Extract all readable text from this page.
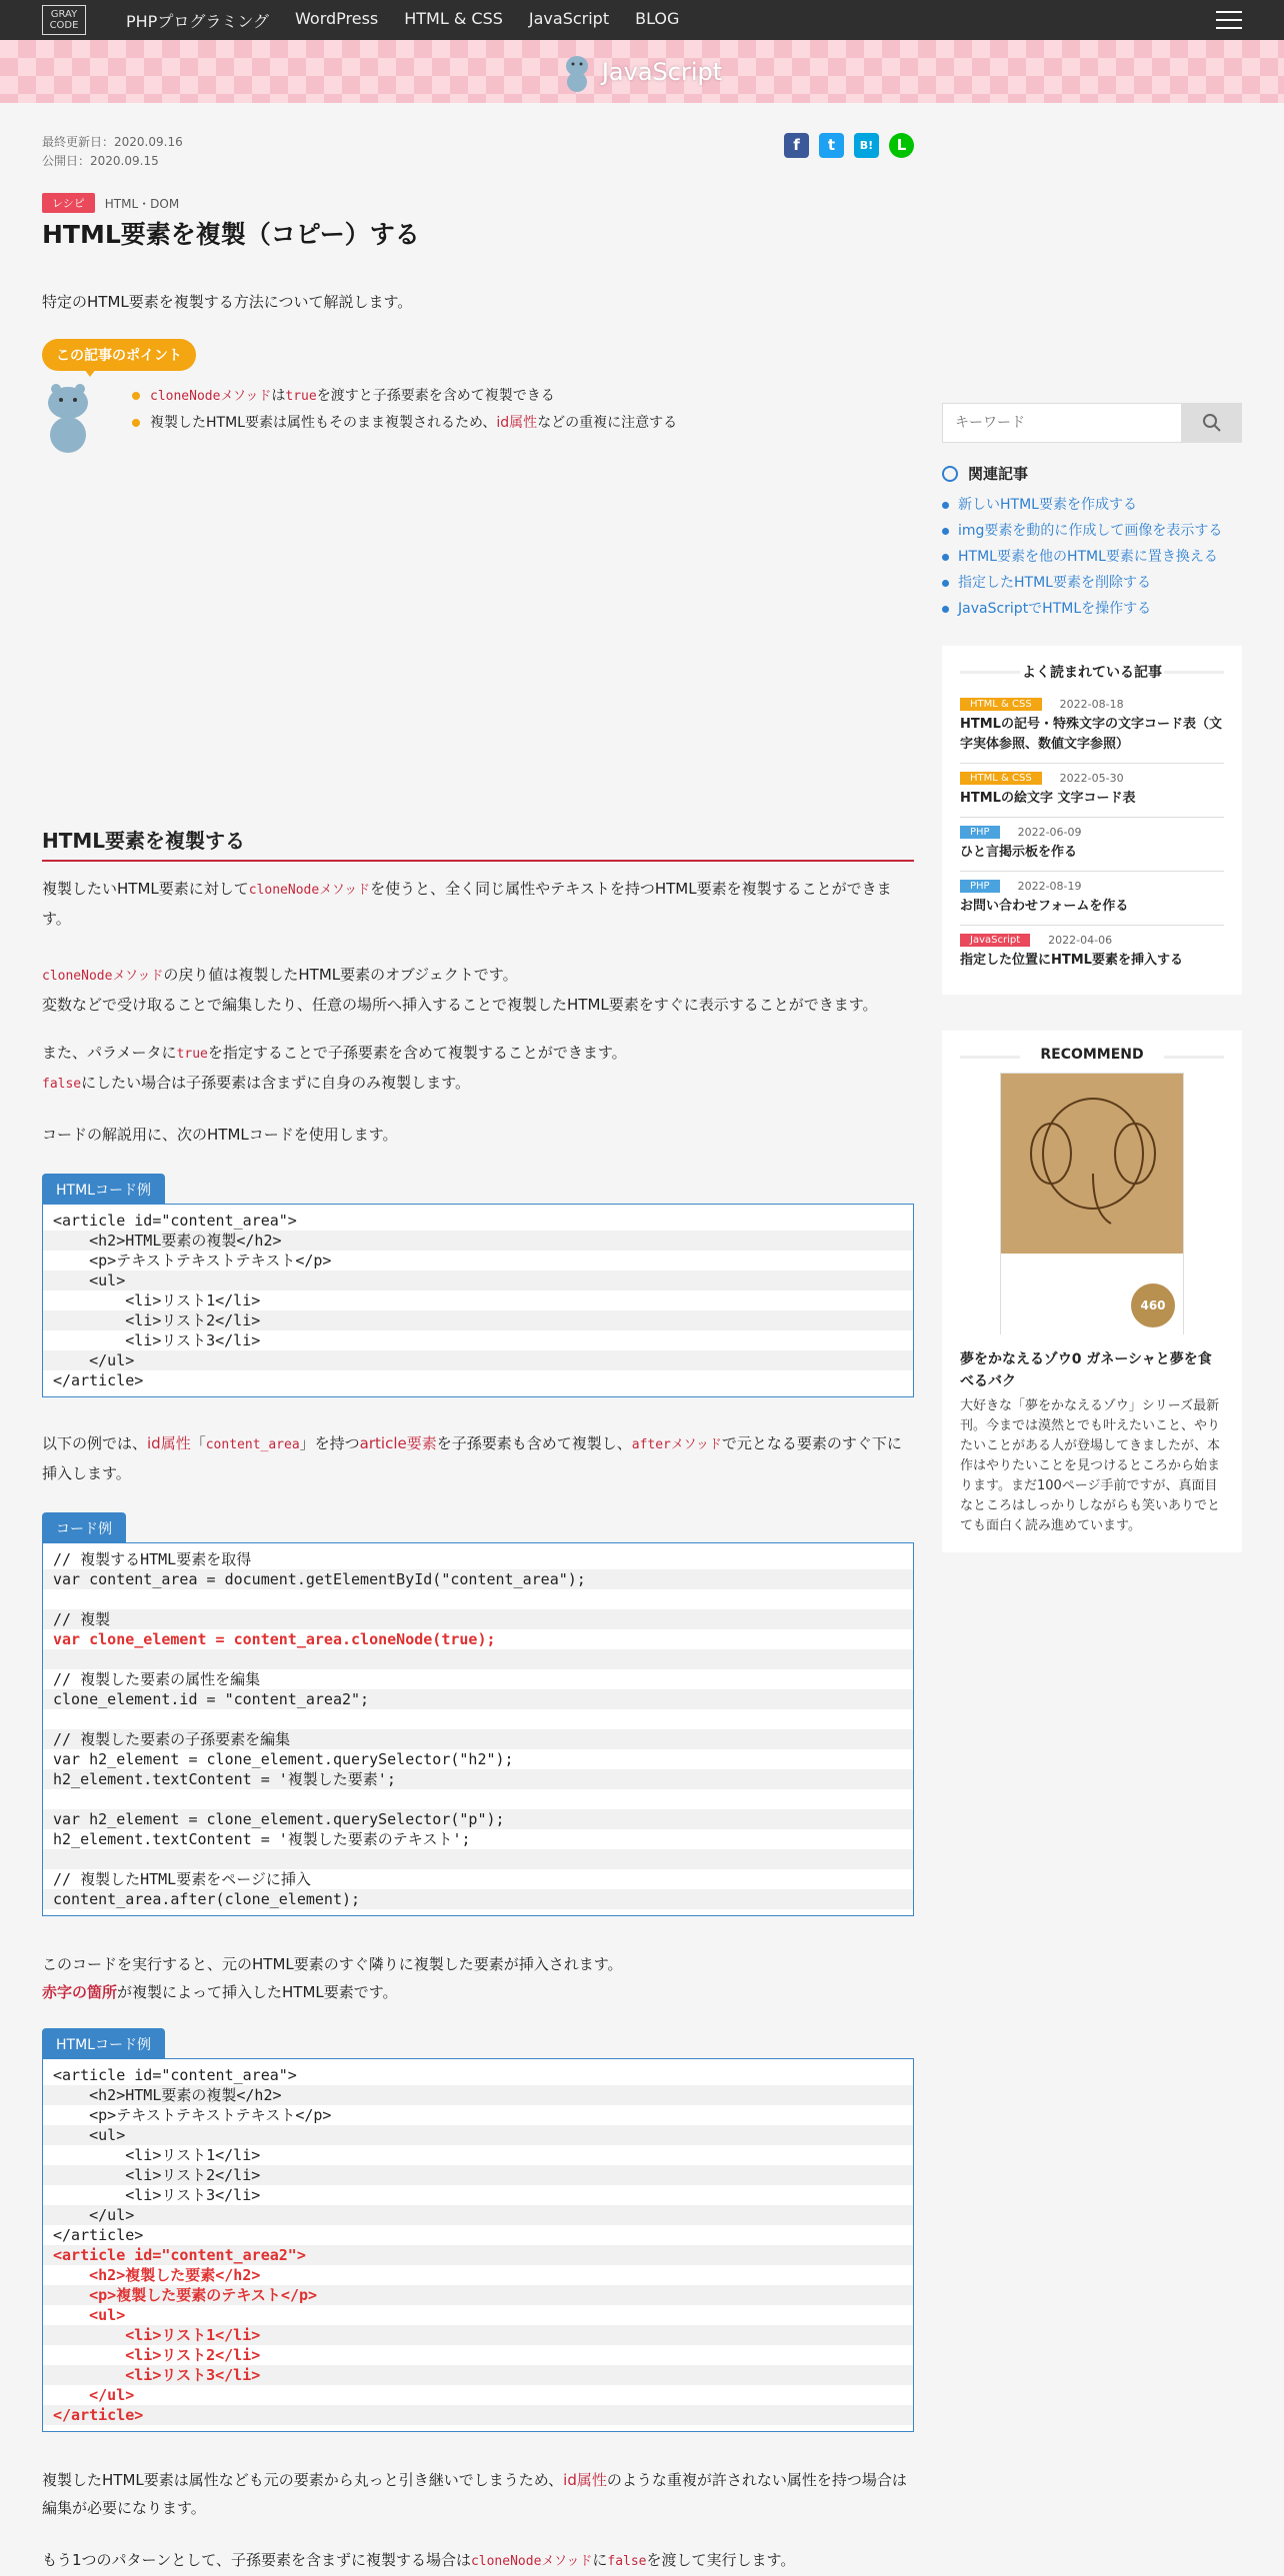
GRAY
CODE	PHPプログラミング WordPress HTML & CSS JavaScript BLOG
JavaScript
最終更新日：2020.09.16
公開日：2020.09.15
f	t	B!	L
レシピ	HTML・DOM
HTML要素を複製（コピー）する

特定のHTML要素を複製する方法について解説します。

この記事のポイント
cloneNodeメソッドはtrueを渡すと子孫要素を含めて複製できる
複製したHTML要素は属性もそのまま複製されるため、id属性などの重複に注意する
HTML要素を複製する

複製したいHTML要素に対してcloneNodeメソッドを使うと、全く同じ属性やテキストを持つHTML要素を複製することができます。

cloneNodeメソッドの戻り値は複製したHTML要素のオブジェクトです。
変数などで受け取ることで編集したり、任意の場所へ挿入することで複製したHTML要素をすぐに表示することができます。

また、パラメータにtrueを指定することで子孫要素を含めて複製することができます。
falseにしたい場合は子孫要素は含まずに自身のみ複製します。

コードの解説用に、次のHTMLコードを使用します。

HTMLコード例
<article id="content_area">
<h2>HTML要素の複製</h2>
<p>テキストテキストテキスト</p>
<ul>
<li>リスト1</li>
<li>リスト2</li>
<li>リスト3</li>
</ul>
</article>

以下の例では、id属性「content_area」を持つarticle要素を子孫要素も含めて複製し、afterメソッドで元となる要素のすぐ下に挿入します。

コード例
// 複製するHTML要素を取得
var content_area = document.getElementById("content_area");
// 複製
var clone_element = content_area.cloneNode(true);
// 複製した要素の属性を編集
clone_element.id = "content_area2";
// 複製した要素の子孫要素を編集
var h2_element = clone_element.querySelector("h2");
h2_element.textContent = '複製した要素';
var h2_element = clone_element.querySelector("p");
h2_element.textContent = '複製した要素のテキスト';
// 複製したHTML要素をページに挿入
content_area.after(clone_element);

このコードを実行すると、元のHTML要素のすぐ隣りに複製した要素が挿入されます。
赤字の箇所が複製によって挿入したHTML要素です。

HTMLコード例
<article id="content_area">
<h2>HTML要素の複製</h2>
<p>テキストテキストテキスト</p>
<ul>
<li>リスト1</li>
<li>リスト2</li>
<li>リスト3</li>
</ul>
</article>
<article id="content_area2">
<h2>複製した要素</h2>
<p>複製した要素のテキスト</p>
<ul>
<li>リスト1</li>
<li>リスト2</li>
<li>リスト3</li>
</ul>
</article>

複製したHTML要素は属性なども元の要素から丸っと引き継いでしまうため、id属性のような重複が許されない属性を持つ場合は編集が必要になります。

もう1つのパターンとして、子孫要素を含まずに複製する場合はcloneNodeメソッドにfalseを渡して実行します。

キーワード
関連記事
新しいHTML要素を作成する
img要素を動的に作成して画像を表示する
HTML要素を他のHTML要素に置き換える
指定したHTML要素を削除する
JavaScriptでHTMLを操作する
よく読まれている記事
HTML & CSS	2022-08-18
HTMLの記号・特殊文字の文字コード表（文字実体参照、数値文字参照）
HTML & CSS	2022-05-30
HTMLの絵文字 文字コード表
PHP	2022-06-09
ひと言掲示板を作る
PHP	2022-08-19
お問い合わせフォームを作る
JavaScript	2022-04-06
指定した位置にHTML要素を挿入する
RECOMMEND
460
夢をかなえるゾウ0 ガネーシャと夢を食べるバク
大好きな「夢をかなえるゾウ」シリーズ最新刊。今までは漠然とでも叶えたいこと、やりたいことがある人が登場してきましたが、本作はやりたいことを見つけるところから始まります。まだ100ページ手前ですが、真面目なところはしっかりしながらも笑いありでとても面白く読み進めています。
